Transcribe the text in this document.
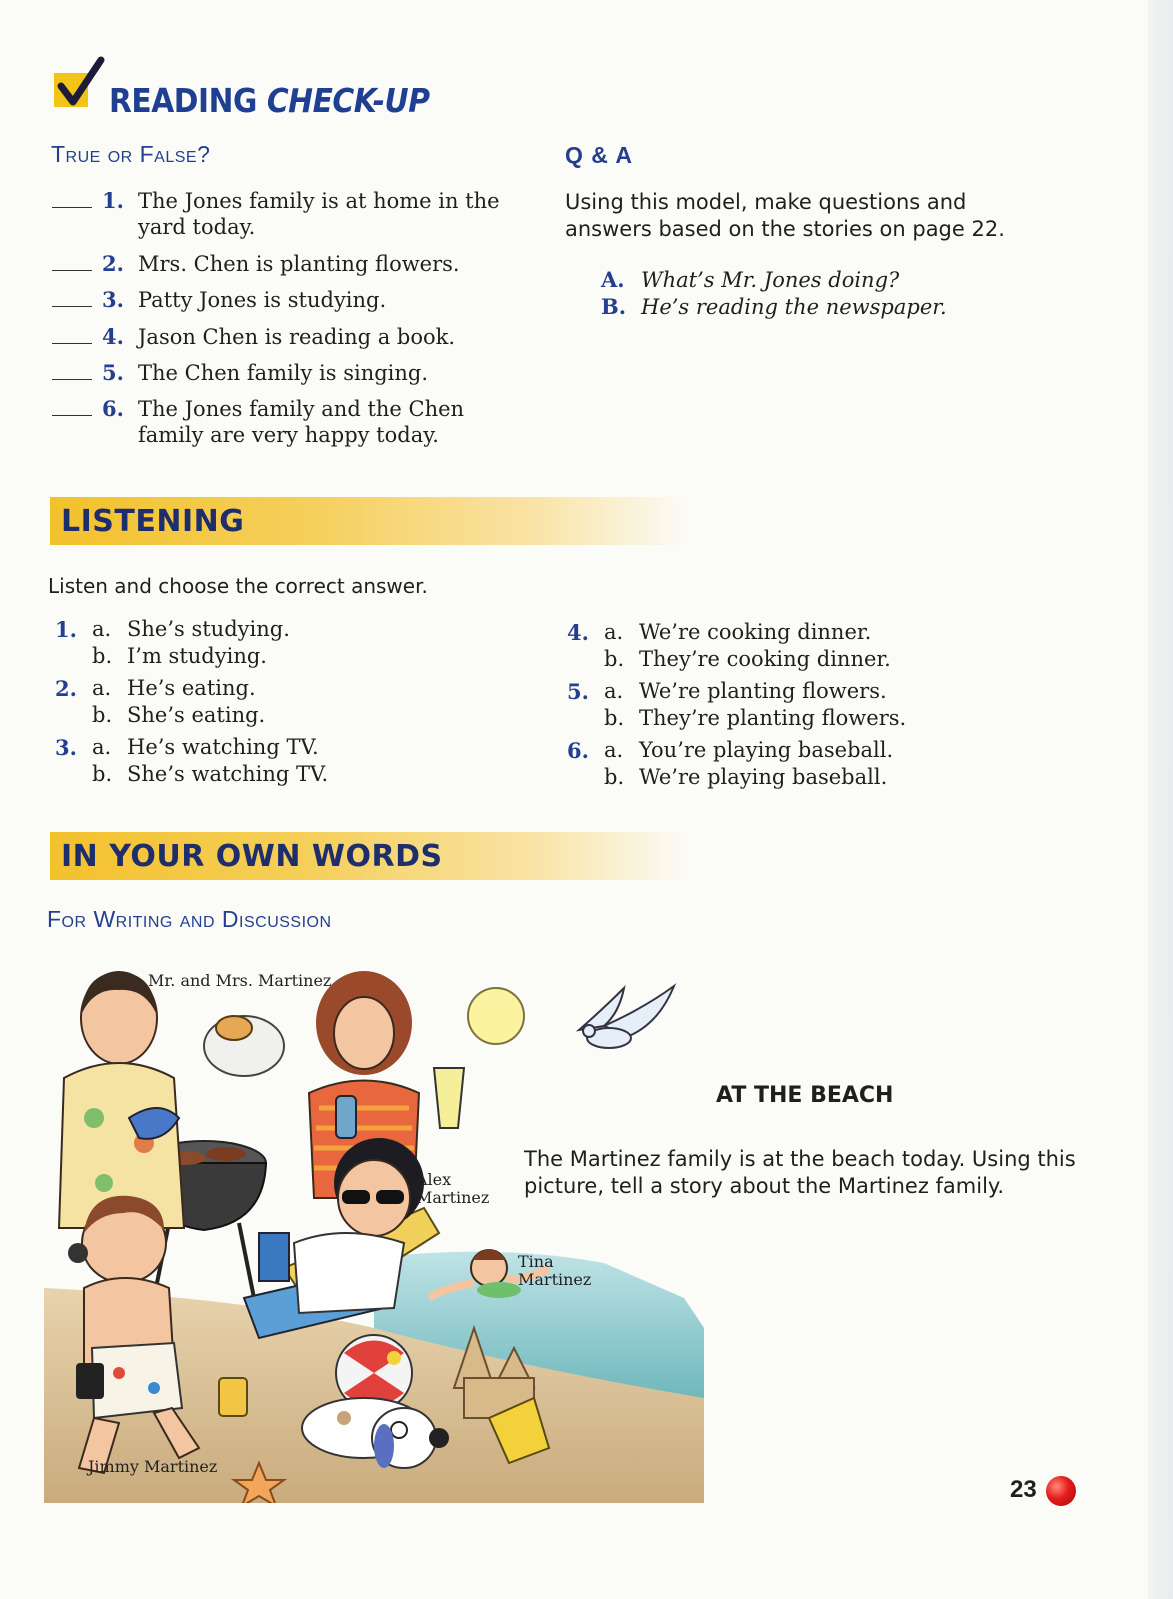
READING CHECK-UP
True or False?
1. The Jones family is at home in the yard today.
2. Mrs. Chen is planting flowers.
3. Patty Jones is studying.
4. Jason Chen is reading a book.
5. The Chen family is singing.
6. The Jones family and the Chen family are very happy today.
Q & A
Using this model, make questions and answers based on the stories on page 22.
A. What’s Mr. Jones doing?
B. He’s reading the newspaper.
LISTENING
Listen and choose the correct answer.
1. a. She’s studying.
b. I’m studying.
2. a. He’s eating.
b. She’s eating.
3. a. He’s watching TV.
b. She’s watching TV.
4. a. We’re cooking dinner.
b. They’re cooking dinner.
5. a. We’re planting flowers.
b. They’re planting flowers.
6. a. You’re playing baseball.
b. We’re playing baseball.
IN YOUR OWN WORDS
For Writing and Discussion
Mr. and Mrs. Martinez
Alex
Martinez
Tina
Martinez
Jimmy Martinez
AT THE BEACH
The Martinez family is at the beach today. Using this picture, tell a story about the Martinez family.
23
